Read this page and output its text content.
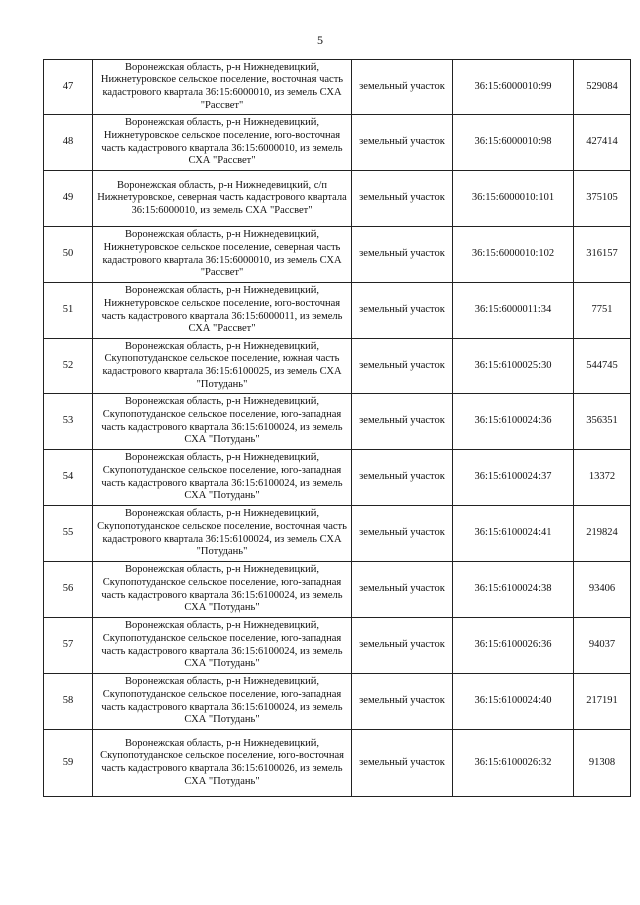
5
47	Воронежская область, р-н Нижнедевицкий, Нижнетуровское сельское поселение, восточная часть кадастрового квартала 36:15:6000010, из земель СХА "Рассвет"	земельный участок	36:15:6000010:99	529084
48	Воронежская область, р-н Нижнедевицкий, Нижнетуровское сельское поселение, юго-восточная часть кадастрового квартала 36:15:6000010, из земель СХА "Рассвет"	земельный участок	36:15:6000010:98	427414
49	Воронежская область, р-н Нижнедевицкий, с/п Нижнетуровское, северная часть кадастрового квартала 36:15:6000010, из земель СХА "Рассвет"	земельный участок	36:15:6000010:101	375105
50	Воронежская область, р-н Нижнедевицкий, Нижнетуровское сельское поселение, северная часть кадастрового квартала 36:15:6000010, из земель СХА "Рассвет"	земельный участок	36:15:6000010:102	316157
51	Воронежская область, р-н Нижнедевицкий, Нижнетуровское сельское поселение, юго-восточная часть кадастрового квартала 36:15:6000011, из земель СХА "Рассвет"	земельный участок	36:15:6000011:34	7751
52	Воронежская область, р-н Нижнедевицкий, Скупопотуданское сельское поселение, южная часть кадастрового квартала 36:15:6100025, из земель СХА "Потудань"	земельный участок	36:15:6100025:30	544745
53	Воронежская область, р-н Нижнедевицкий, Скупопотуданское сельское поселение, юго-западная часть кадастрового квартала 36:15:6100024, из земель СХА "Потудань"	земельный участок	36:15:6100024:36	356351
54	Воронежская область, р-н Нижнедевицкий, Скупопотуданское сельское поселение, юго-западная часть кадастрового квартала 36:15:6100024, из земель СХА "Потудань"	земельный участок	36:15:6100024:37	13372
55	Воронежская область, р-н Нижнедевицкий, Скупопотуданское сельское поселение, восточная часть кадастрового квартала 36:15:6100024, из земель СХА "Потудань"	земельный участок	36:15:6100024:41	219824
56	Воронежская область, р-н Нижнедевицкий, Скупопотуданское сельское поселение, юго-западная часть кадастрового квартала 36:15:6100024, из земель СХА "Потудань"	земельный участок	36:15:6100024:38	93406
57	Воронежская область, р-н Нижнедевицкий, Скупопотуданское сельское поселение, юго-западная часть кадастрового квартала 36:15:6100024, из земель СХА "Потудань"	земельный участок	36:15:6100026:36	94037
58	Воронежская область, р-н Нижнедевицкий, Скупопотуданское сельское поселение, юго-западная часть кадастрового квартала 36:15:6100024, из земель СХА "Потудань"	земельный участок	36:15:6100024:40	217191
59	Воронежская область, р-н Нижнедевицкий, Скупопотуданское сельское поселение, юго-восточная часть кадастрового квартала 36:15:6100026, из земель СХА "Потудань"	земельный участок	36:15:6100026:32	91308
